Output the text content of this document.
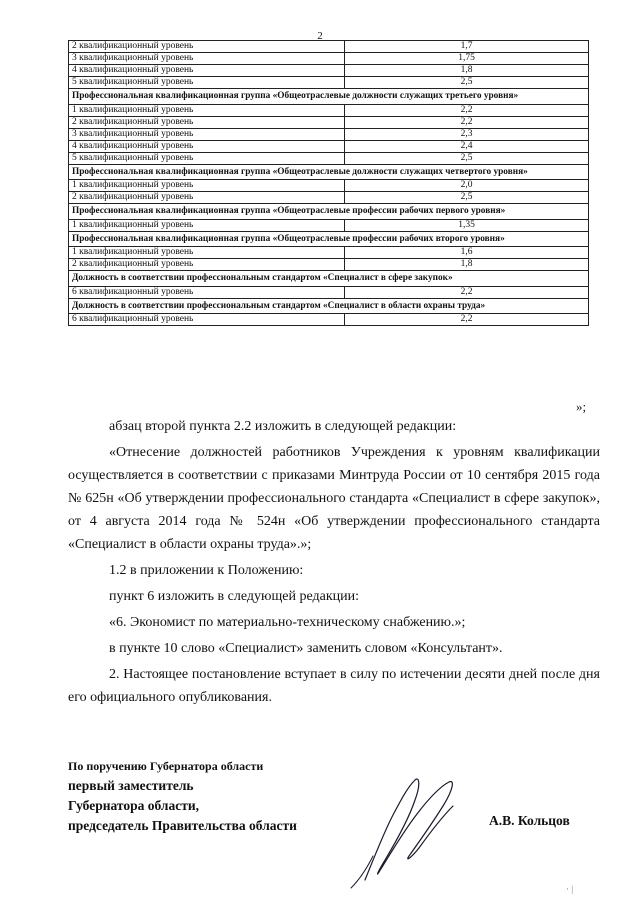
2
2 квалификационный уровень	1,7
3 квалификационный уровень	1,75
4 квалификационный уровень	1,8
5 квалификационный уровень	2,5
Профессиональная квалификационная группа «Общеотраслевые должности служащих третьего уровня»	
1 квалификационный уровень	2,2
2 квалификационный уровень	2,2
3 квалификационный уровень	2,3
4 квалификационный уровень	2,4
5 квалификационный уровень	2,5
Профессиональная квалификационная группа «Общеотраслевые должности служащих четвертого уровня»	
1 квалификационный уровень	2,0
2 квалификационный уровень	2,5
Профессиональная квалификационная группа «Общеотраслевые профессии рабочих первого уровня»	
1 квалификационный уровень	1,35
Профессиональная квалификационная группа «Общеотраслевые профессии рабочих второго уровня»	
1 квалификационный уровень	1,6
2 квалификационный уровень	1,8
Должность в соответствии профессиональным стандартом «Специалист в сфере закупок»	
6 квалификационный уровень	2,2
Должность в соответствии профессиональным стандартом «Специалист в области охраны труда»	
6 квалификационный уровень	2,2
»;

абзац второй пункта 2.2 изложить в следующей редакции:

«Отнесение должностей работников Учреждения к уровням квалификации осуществляется в соответствии с приказами Минтруда России от 10 сентября 2015 года № 625н «Об утверждении профессионального стандарта «Специалист в сфере закупок», от 4 августа 2014 года № 524н «Об утверждении профессионального стандарта «Специалист в области охраны труда».»;

1.2 в приложении к Положению:

пункт 6 изложить в следующей редакции:

«6. Экономист по материально-техническому снабжению.»;

в пункте 10 слово «Специалист» заменить словом «Консультант».

2. Настоящее постановление вступает в силу по истечении десяти дней после дня его официального опубликования.

По поручению Губернатора области
первый заместитель
Губернатора области,
председатель Правительства области	А.В. Кольцов
· |
